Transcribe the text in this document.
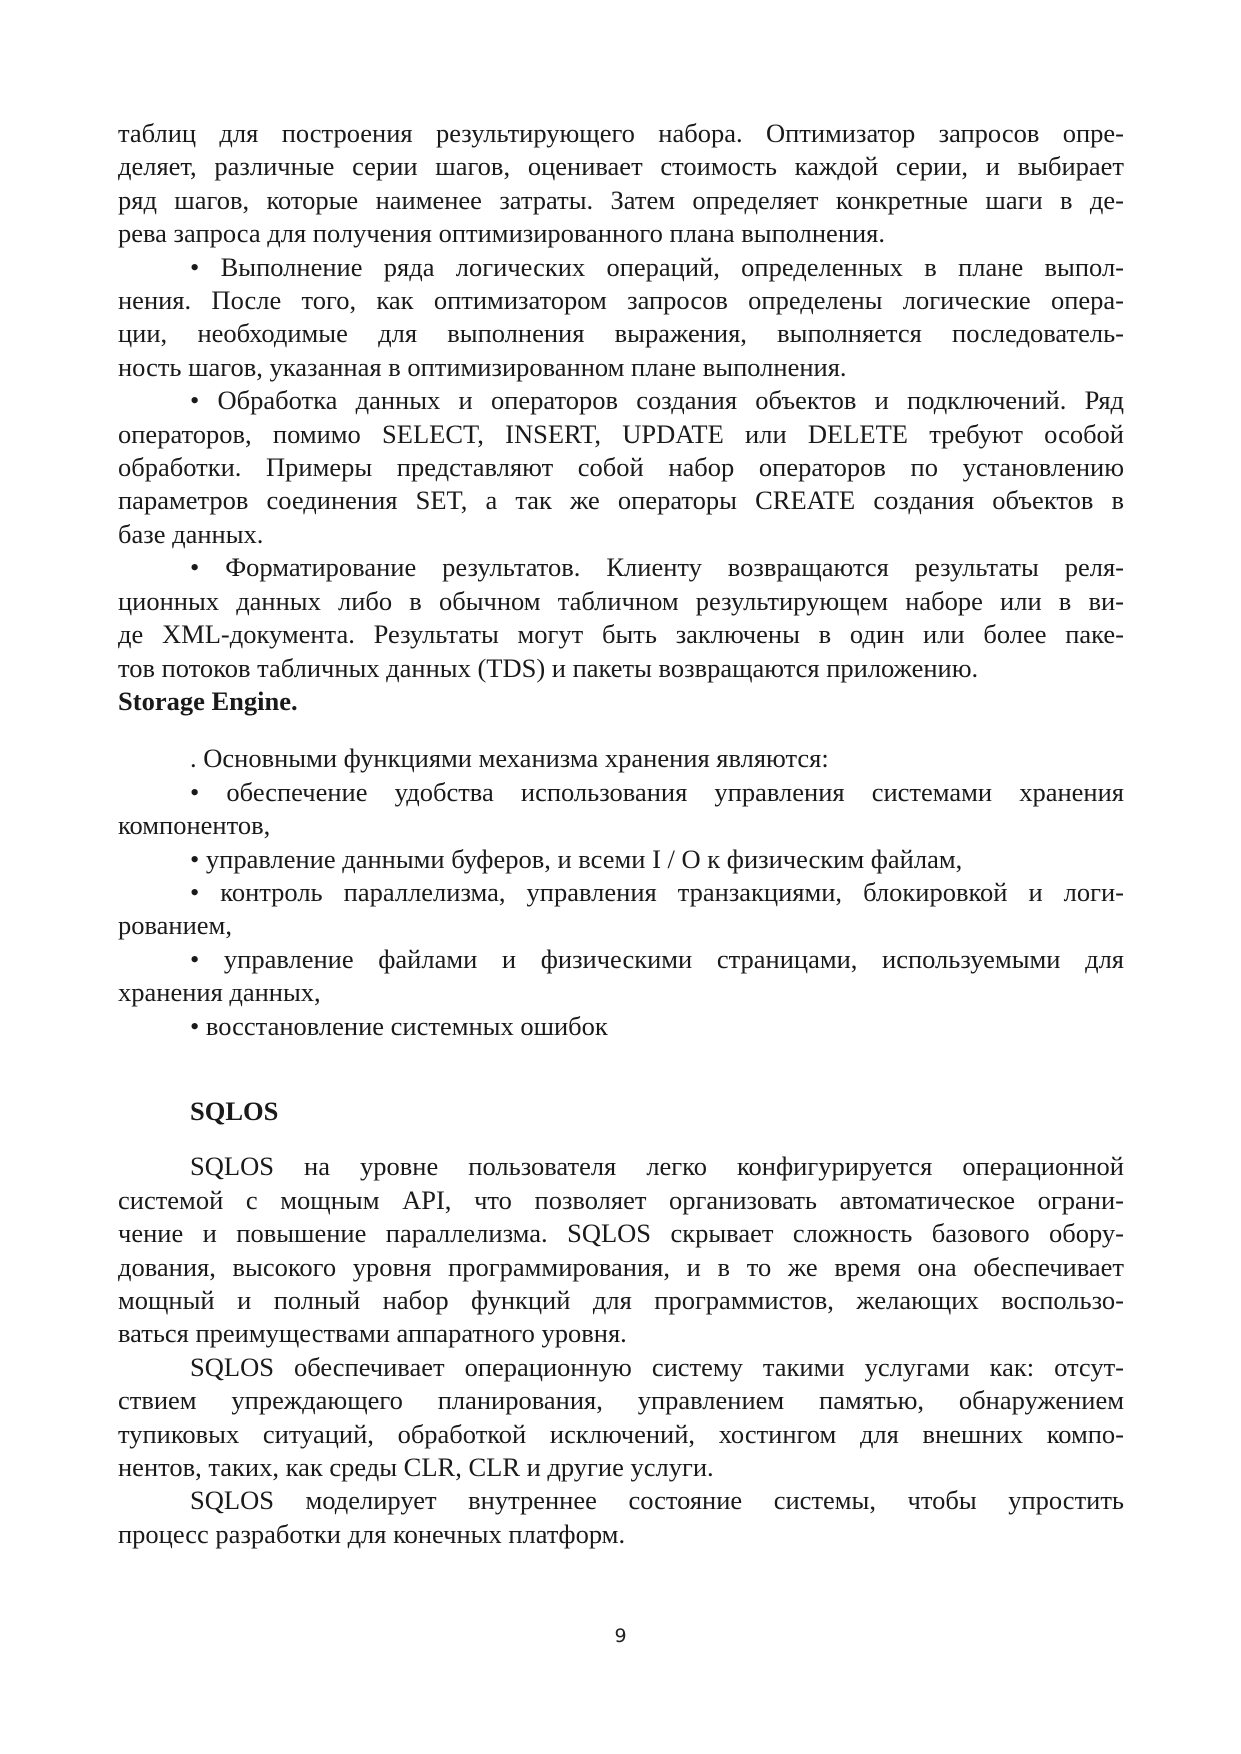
таблиц для построения результирующего набора. Оптимизатор запросов опре-

деляет, различные серии шагов, оценивает стоимость каждой серии, и выбирает

ряд шагов, которые наименее затраты. Затем определяет конкретные шаги в де-

рева запроса для получения оптимизированного плана выполнения.

• Выполнение ряда логических операций, определенных в плане выпол-

нения. После того, как оптимизатором запросов определены логические опера-

ции, необходимые для выполнения выражения, выполняется последователь-

ность шагов, указанная в оптимизированном плане выполнения.

• Обработка данных и операторов создания объектов и подключений. Ряд

операторов, помимо SELECT, INSERT, UPDATE или DELETE требуют особой

обработки. Примеры представляют собой набор операторов по установлению

параметров соединения SET, а так же операторы CREATE создания объектов в

базе данных.

• Форматирование результатов. Клиенту возвращаются результаты реля-

ционных данных либо в обычном табличном результирующем наборе или в ви-

де XML-документа. Результаты могут быть заключены в один или более паке-

тов потоков табличных данных (TDS) и пакеты возвращаются приложению.

Storage Engine.

. Основными функциями механизма хранения являются:

• обеспечение удобства использования управления системами хранения

компонентов,

• управление данными буферов, и всеми I / O к физическим файлам,

• контроль параллелизма, управления транзакциями, блокировкой и логи-

рованием,

• управление файлами и физическими страницами, используемыми для

хранения данных,

• восстановление системных ошибок

SQLOS

SQLOS на уровне пользователя легко конфигурируется операционной

системой с мощным API, что позволяет организовать автоматическое ограни-

чение и повышение параллелизма. SQLOS скрывает сложность базового обору-

дования, высокого уровня программирования, и в то же время она обеспечивает

мощный и полный набор функций для программистов, желающих воспользо-

ваться преимуществами аппаратного уровня.

SQLOS обеспечивает операционную систему такими услугами как: отсут-

ствием упреждающего планирования, управлением памятью, обнаружением

тупиковых ситуаций, обработкой исключений, хостингом для внешних компо-

нентов, таких, как среды CLR, CLR и другие услуги.

SQLOS моделирует внутреннее состояние системы, чтобы упростить

процесс разработки для конечных платформ.

9
